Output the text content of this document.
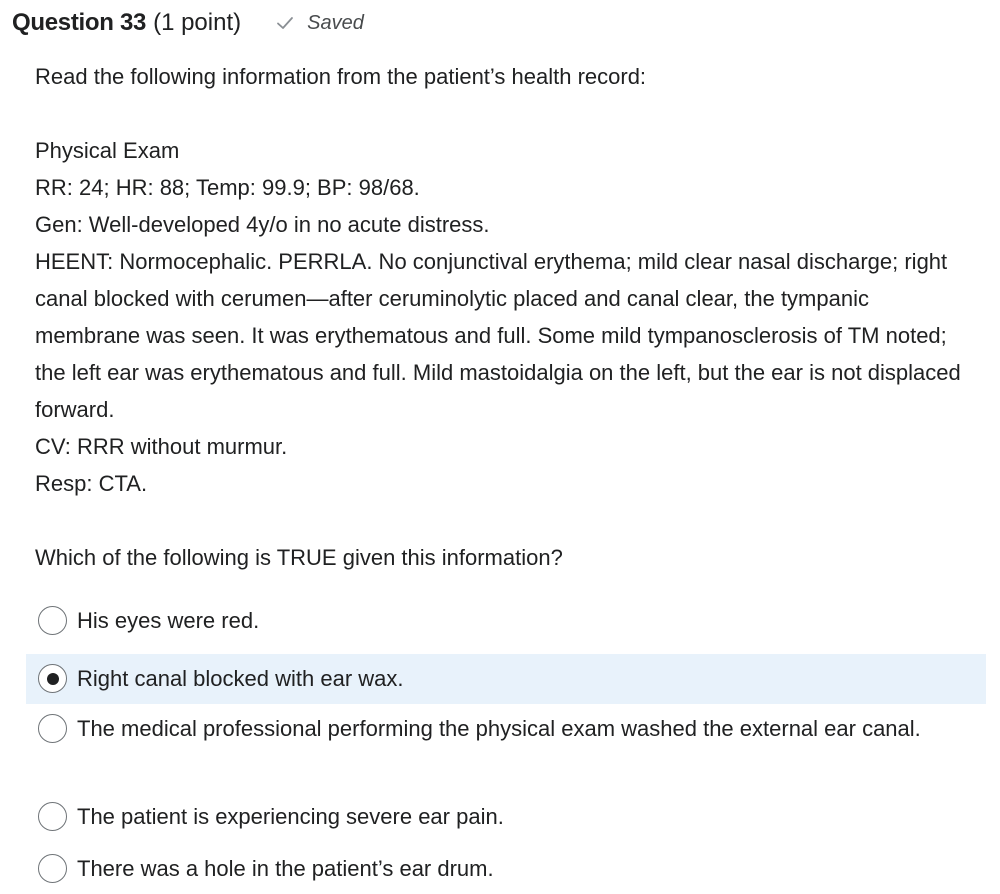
Question 33 (1 point)	Saved

Read the following information from the patient’s health record:

Physical Exam

RR: 24; HR: 88; Temp: 99.9; BP: 98/68.

Gen: Well-developed 4y/o in no acute distress.

HEENT: Normocephalic. PERRLA. No conjunctival erythema; mild clear nasal discharge; right canal blocked with cerumen—after ceruminolytic placed and canal clear, the tympanic membrane was seen. It was erythematous and full. Some mild tympanosclerosis of TM noted; the left ear was erythematous and full. Mild mastoidalgia on the left, but the ear is not displaced forward.

CV: RRR without murmur.

Resp: CTA.

Which of the following is TRUE given this information?

His eyes were red.
Right canal blocked with ear wax.
The medical professional performing the physical exam washed the external ear canal.
The patient is experiencing severe ear pain.
There was a hole in the patient’s ear drum.
